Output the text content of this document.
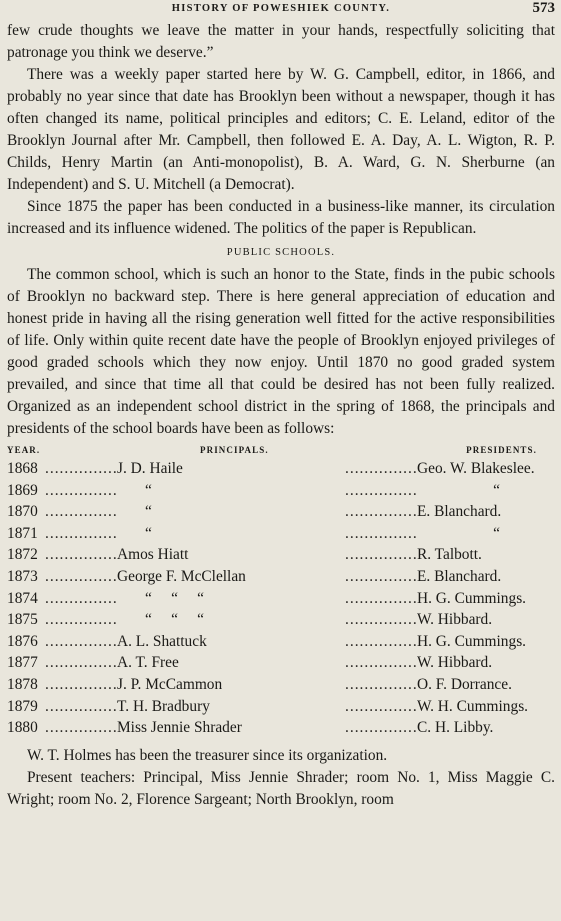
HISTORY OF POWESHIEK COUNTY.	573

few crude thoughts we leave the matter in your hands, respectfully soliciting that patronage you think we deserve.”

There was a weekly paper started here by W. G. Campbell, editor, in 1866, and probably no year since that date has Brooklyn been without a newspaper, though it has often changed its name, political principles and editors; C. E. Leland, editor of the Brooklyn Journal after Mr. Campbell, then followed E. A. Day, A. L. Wigton, R. P. Childs, Henry Martin (an Anti-monopolist), B. A. Ward, G. N. Sherburne (an Independent) and S. U. Mitchell (a Democrat).

Since 1875 the paper has been conducted in a business-like manner, its circulation increased and its influence widened. The politics of the paper is Republican.

PUBLIC SCHOOLS.

The common school, which is such an honor to the State, finds in the pubic schools of Brooklyn no backward step. There is here general appreciation of education and honest pride in having all the rising generation well fitted for the active responsibilities of life. Only within quite recent date have the people of Brooklyn enjoyed privileges of good graded schools which they now enjoy. Until 1870 no good graded system prevailed, and since that time all that could be desired has not been fully realized. Organized as an independent school district in the spring of 1868, the principals and presidents of the school boards have been as follows:

YEAR.	PRINCIPALS.	PRESIDENTS.
1868 .....	J. D. Haile .....	Geo. W. Blakeslee.
1869 .....	“ .....	“
1870 .....	“ .....	E. Blanchard.
1871 .....	“ .....	“
1872 .....	Amos Hiatt .....	R. Talbott.
1873 .....	George F. McClellan .....	E. Blanchard.
1874 .....	“     “     “ .....	H. G. Cummings.
1875 .....	“     “     “ .....	W. Hibbard.
1876 .....	A. L. Shattuck .....	H. G. Cummings.
1877 .....	A. T. Free .....	W. Hibbard.
1878 .....	J. P. McCammon .....	O. F. Dorrance.
1879 .....	T. H. Bradbury .....	W. H. Cummings.
1880 .....	Miss Jennie Shrader .....	C. H. Libby.

W. T. Holmes has been the treasurer since its organization.

Present teachers: Principal, Miss Jennie Shrader; room No. 1, Miss Maggie C. Wright; room No. 2, Florence Sargeant; North Brooklyn, room
